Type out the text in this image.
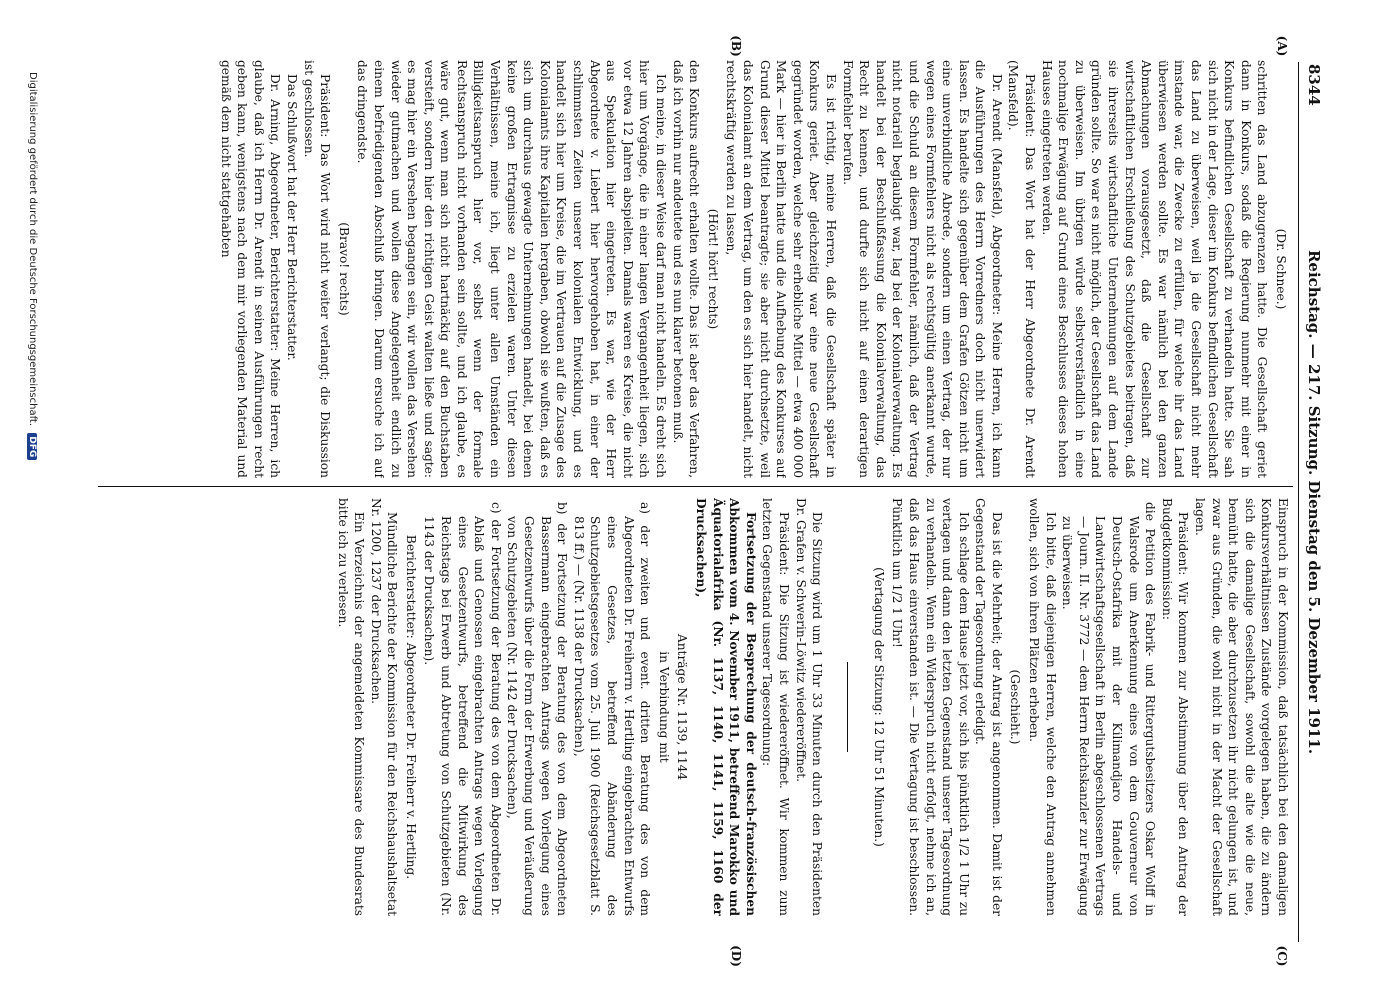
8344
Reichstag. — 217. Sitzung. Dienstag den 5. Dezember 1911.
(A)
(B)
(C)
(D)

(Dr. Schnee.)

schritten das Land abzugrenzen hatte. Die Gesellschaft geriet dann in Konkurs, sodaß die Regierung nunmehr mit einer in Konkurs befindlichen Gesellschaft zu verhandeln hatte. Sie sah sich nicht in der Lage, dieser im Konkurs befindlichen Gesellschaft das Land zu überweisen, weil ja die Gesellschaft nicht mehr imstande war, die Zwecke zu erfüllen, für welche ihr das Land überwiesen werden sollte. Es war nämlich bei den ganzen Abmachungen vorausgesetzt, daß die Gesellschaft zur wirtschaftlichen Erschließung des Schutzgebietes beitragen, daß sie ihrerseits wirtschaftliche Unternehmungen auf dem Lande gründen sollte. So war es nicht möglich, der Gesellschaft das Land zu überweisen. Im übrigen würde selbstverständlich in eine nochmalige Erwägung auf Grund eines Beschlusses dieses hohen Hauses eingetreten werden.

Präsident: Das Wort hat der Herr Abgeordnete Dr. Arendt (Mansfeld).

Dr. Arendt (Mansfeld), Abgeordneter: Meine Herren, ich kann die Ausführungen des Herrn Vorredners doch nicht unerwidert lassen. Es handelte sich gegenüber dem Grafen Götzen nicht um eine unverbindliche Abrede, sondern um einen Vertrag, der nur wegen eines Formfehlers nicht als rechtsgültig anerkannt wurde, und die Schuld an diesem Formfehler, nämlich, daß der Vertrag nicht notariell beglaubigt war, lag bei der Kolonialverwaltung. Es handelt bei der Beschlußfassung die Kolonialverwaltung, das Recht zu kennen, und durfte sich nicht auf einen derartigen Formfehler berufen.

Es ist richtig, meine Herren, daß die Gesellschaft später in Konkurs geriet. Aber gleichzeitig war eine neue Gesellschaft gegründet worden, welche sehr erhebliche Mittel — etwa 400 000 Mark — hier in Berlin hatte und die Aufhebung des Konkurses auf Grund dieser Mittel beantragte; sie aber nicht durchsetzte, weil das Kolonialamt an dem Vertrag, um den es sich hier handelt, nicht rechtskräftig werden zu lassen,

(Hört! hört! rechts)

den Konkurs aufrecht erhalten wollte. Das ist aber das Verfahren, daß ich vorhin nur andeutete und es nun klarer betonen muß.

Ich meine, in dieser Weise darf man nicht handeln. Es dreht sich hier um Vorgänge, die in einer langen Vergangenheit liegen, sich vor etwa 12 Jahren abspielten. Damals waren es Kreise, die nicht aus Spekulation hier eingetreten. Es war, wie der Herr Abgeordnete v. Liebert hier hervorgehoben hat, in einer der schlimmsten Zeiten unserer kolonialen Entwicklung, und es handelt sich hier um Kreise, die im Vertrauen auf die Zusage des Kolonialamts ihre Kapitalien hergaben, obwohl sie wußten, daß es sich um durchaus gewagte Unternehmungen handelt, bei denen keine großen Ertragnisse zu erzielen waren. Unter diesen Verhältnissen, meine ich, liegt unter allen Umständen ein Billigkeitsanspruch hier vor, selbst wenn der formale Rechtsanspruch nicht vorhanden sein sollte, und ich glaube, es wäre gut, wenn man sich nicht hartnäckig auf den Buchstaben versteift, sondern hier den richtigen Geist walten ließe und sagte: es mag hier ein Versehen begangen sein, wir wollen das Versehen wieder gutmachen und wollen diese Angelegenheit endlich zu einem befriedigenden Abschluß bringen. Darum ersuche ich auf das dringendste.

(Bravo! rechts)

Präsident: Das Wort wird nicht weiter verlangt; die Diskussion ist geschlossen.

Das Schlußwort hat der Herr Berichterstatter.

Dr. Arning, Abgeordneter, Berichterstatter: Meine Herren, ich glaube, daß ich Herrn Dr. Arendt in seinen Ausführungen recht geben kann, wenigstens nach dem mir vorliegenden Material und gemäß dem nicht stattgehabten

Einspruch in der Kommission, daß tatsächlich bei den damaligen Konkursverhältnissen Zustände vorgelegen haben, die zu ändern sich die damalige Gesellschaft, sowohl die alte wie die neue, bemüht hatte, die aber durchzusetzen ihr nicht gelungen ist, und zwar aus Gründen, die wohl nicht in der Macht der Gesellschaft lagen.

Präsident: Wir kommen zur Abstimmung über den Antrag der Budgetkommission:

die Petition des Fabrik- und Rittergutsbesitzers Oskar Wolff in Walsrode um Anerkennung eines von dem Gouverneur von Deutsch-Ostafrika mit der Kilimandjaro Handels- und Landwirtschaftsgesellschaft in Berlin abgeschlossenen Vertrags — Journ. II. Nr. 3772 — dem Herrn Reichskanzler zur Erwägung zu überweisen.

Ich bitte, daß diejenigen Herren, welche den Antrag annehmen wollen, sich von ihren Plätzen erheben.

(Geschieht.)

Das ist die Mehrheit; der Antrag ist angenommen. Damit ist der Gegenstand der Tagesordnung erledigt.

Ich schlage dem Hause jetzt vor, sich bis pünktlich 1/2 1 Uhr zu vertagen und dann den letzten Gegenstand unserer Tagesordnung zu verhandeln. Wenn ein Widerspruch nicht erfolgt, nehme ich an, daß das Haus einverstanden ist. — Die Vertagung ist beschlossen. Pünktlich um 1/2 1 Uhr!

(Vertagung der Sitzung: 12 Uhr 51 Minuten.)

Die Sitzung wird um 1 Uhr 33 Minuten durch den Präsidenten Dr. Grafen v. Schwerin-Löwitz wiedereröffnet.

Präsident: Die Sitzung ist wiedereröffnet. Wir kommen zum letzten Gegenstand unserer Tagesordnung:

Fortsetzung der Besprechung der deutsch-französischen Abkommen vom 4. November 1911, betreffend Marokko und Äquatorialafrika (Nr. 1137, 1140, 1141, 1159, 1160 der Drucksachen),

Anträge Nr. 1139, 1144

in Verbindung mit

a) der zweiten und event. dritten Beratung des von dem Abgeordneten Dr. Freiherrn v. Hertling eingebrachten Entwurfs eines Gesetzes, betreffend Abänderung des Schutzgebietsgesetzes vom 25. Juli 1900 (Reichsgesetzblatt S. 813 ff.) — (Nr. 1138 der Drucksachen),

b) der Fortsetzung der Beratung des von dem Abgeordneten Bassermann eingebrachten Antrags wegen Vorlegung eines Gesetzentwurfs über die Form der Erwerbung und Veräußerung von Schutzgebieten (Nr. 1142 der Drucksachen),

c) der Fortsetzung der Beratung des von dem Abgeordneten Dr. Ablaß und Genossen eingebrachten Antrags wegen Vorlegung eines Gesetzentwurfs, betreffend die Mitwirkung des Reichstags bei Erwerb und Abtretung von Schutzgebieten (Nr. 1143 der Drucksachen).

Berichterstatter: Abgeordneter Dr. Freiherr v. Hertling.

Mündliche Berichte der Kommission für den Reichshaushaltsetat Nr. 1200, 1237 der Drucksachen.

Ein Verzeichnis der angemeldeten Kommissare des Bundesrats bitte ich zu verlesen.

Digitalisierung gefördert durch die Deutsche Forschungsgemeinschaft. DFG
